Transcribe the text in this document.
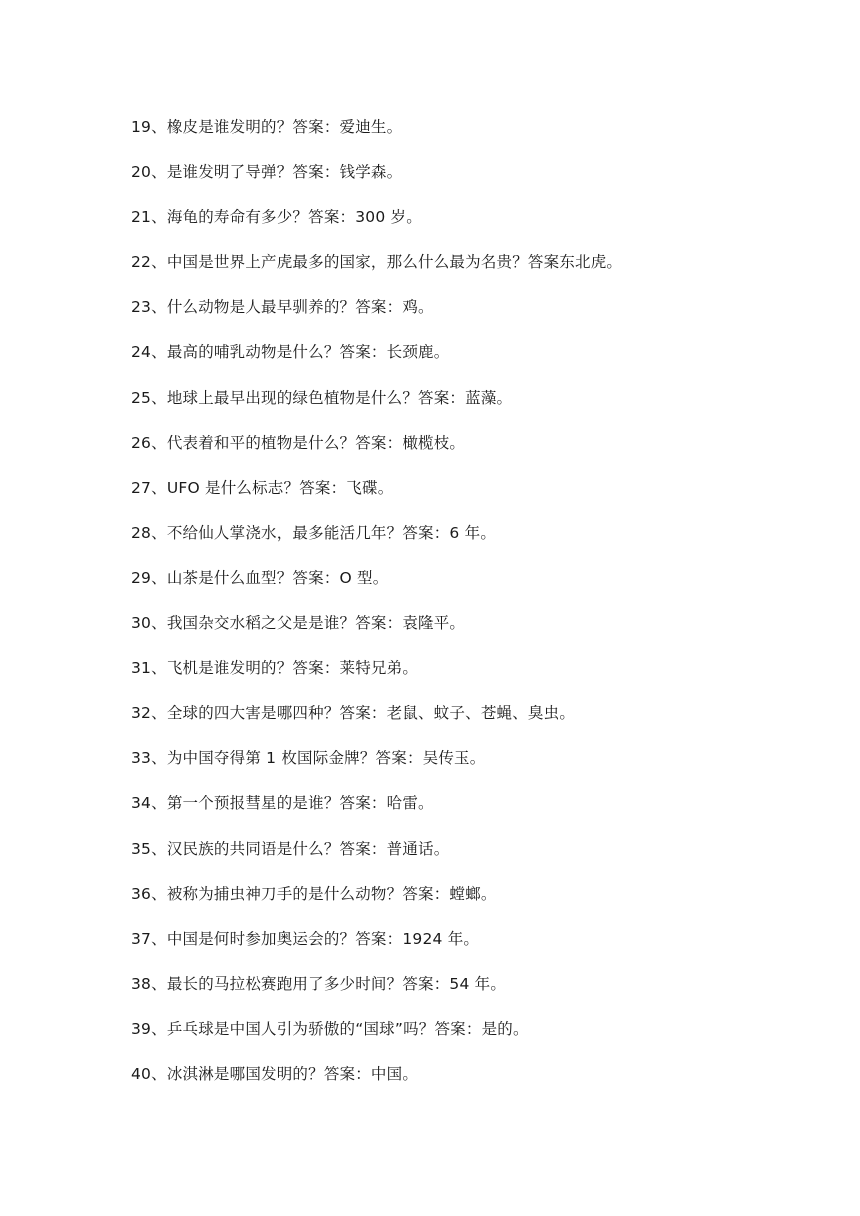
19、橡皮是谁发明的？答案：爱迪生。
20、是谁发明了导弹？答案：钱学森。
21、海龟的寿命有多少？答案：300 岁。
22、中国是世界上产虎最多的国家，那么什么最为名贵？答案东北虎。
23、什么动物是人最早驯养的？答案：鸡。
24、最高的哺乳动物是什么？答案：长颈鹿。
25、地球上最早出现的绿色植物是什么？答案：蓝藻。
26、代表着和平的植物是什么？答案：橄榄枝。
27、UFO 是什么标志？答案：飞碟。
28、不给仙人掌浇水，最多能活几年？答案：6 年。
29、山茶是什么血型？答案：O 型。
30、我国杂交水稻之父是是谁？答案：袁隆平。
31、飞机是谁发明的？答案：莱特兄弟。
32、全球的四大害是哪四种？答案：老鼠、蚊子、苍蝇、臭虫。
33、为中国夺得第 1 枚国际金牌？答案：吴传玉。
34、第一个预报彗星的是谁？答案：哈雷。
35、汉民族的共同语是什么？答案：普通话。
36、被称为捕虫神刀手的是什么动物？答案：螳螂。
37、中国是何时参加奥运会的？答案：1924 年。
38、最长的马拉松赛跑用了多少时间？答案：54 年。
39、乒乓球是中国人引为骄傲的“国球”吗？答案：是的。
40、冰淇淋是哪国发明的？答案：中国。
